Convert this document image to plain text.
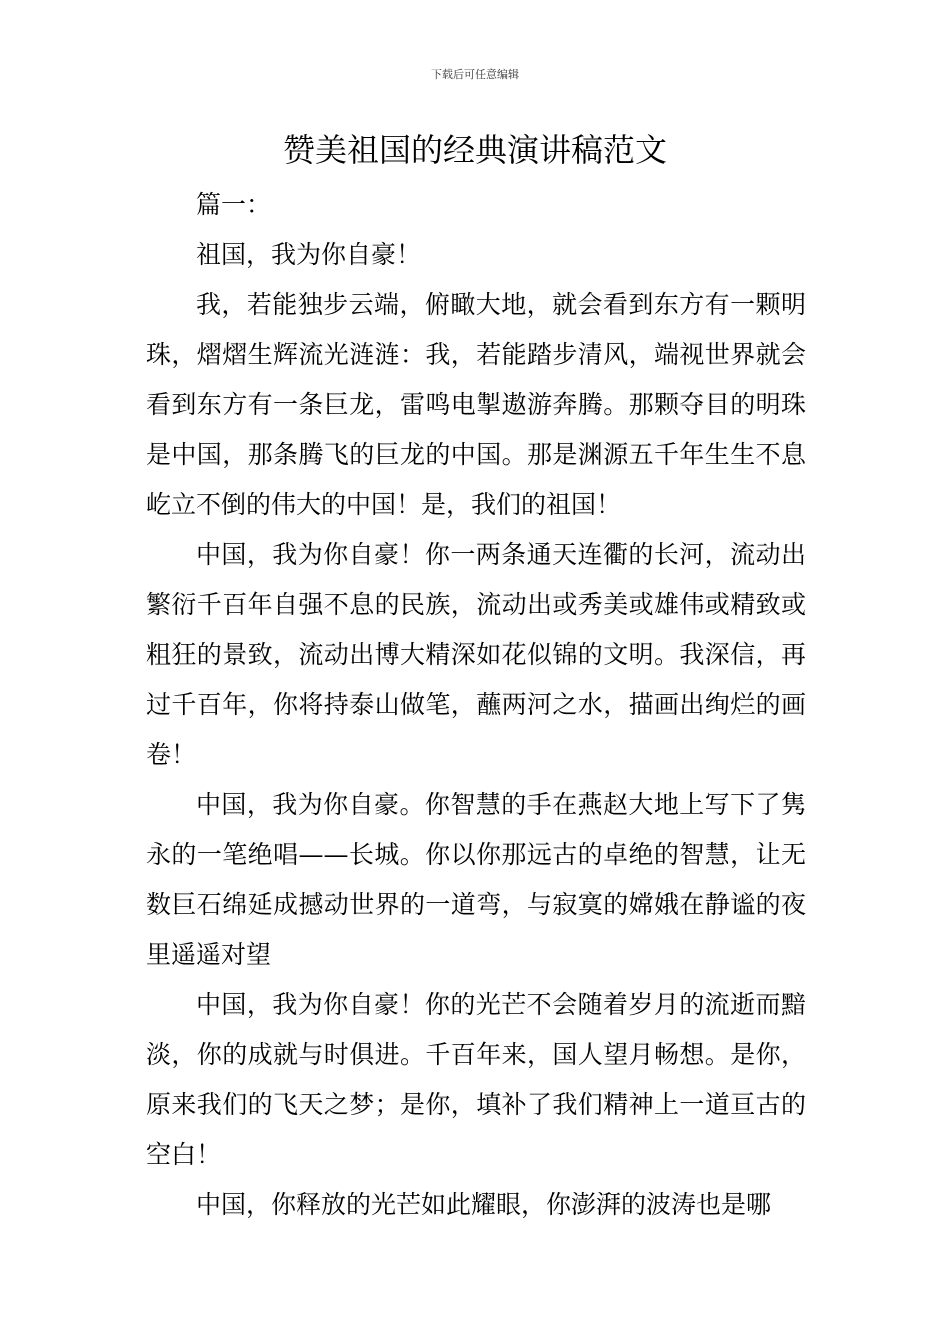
下载后可任意编辑
赞美祖国的经典演讲稿范文

篇一：

祖国，我为你自豪！

我，若能独步云端，俯瞰大地，就会看到东方有一颗明珠，熠熠生辉流光涟涟：我，若能踏步清风，端视世界就会看到东方有一条巨龙，雷鸣电掣遨游奔腾。那颗夺目的明珠是中国，那条腾飞的巨龙的中国。那是渊源五千年生生不息屹立不倒的伟大的中国！是，我们的祖国！

中国，我为你自豪！你一两条通天连衢的长河，流动出繁衍千百年自强不息的民族，流动出或秀美或雄伟或精致或粗狂的景致，流动出博大精深如花似锦的文明。我深信，再过千百年，你将持泰山做笔，蘸两河之水，描画出绚烂的画卷！

中国，我为你自豪。你智慧的手在燕赵大地上写下了隽永的一笔绝唱——长城。你以你那远古的卓绝的智慧，让无数巨石绵延成撼动世界的一道弯，与寂寞的嫦娥在静谧的夜里遥遥对望

中国，我为你自豪！你的光芒不会随着岁月的流逝而黯淡，你的成就与时俱进。千百年来，国人望月畅想。是你，原来我们的飞天之梦；是你，填补了我们精神上一道亘古的空白！

中国，你释放的光芒如此耀眼，你澎湃的波涛也是哪
